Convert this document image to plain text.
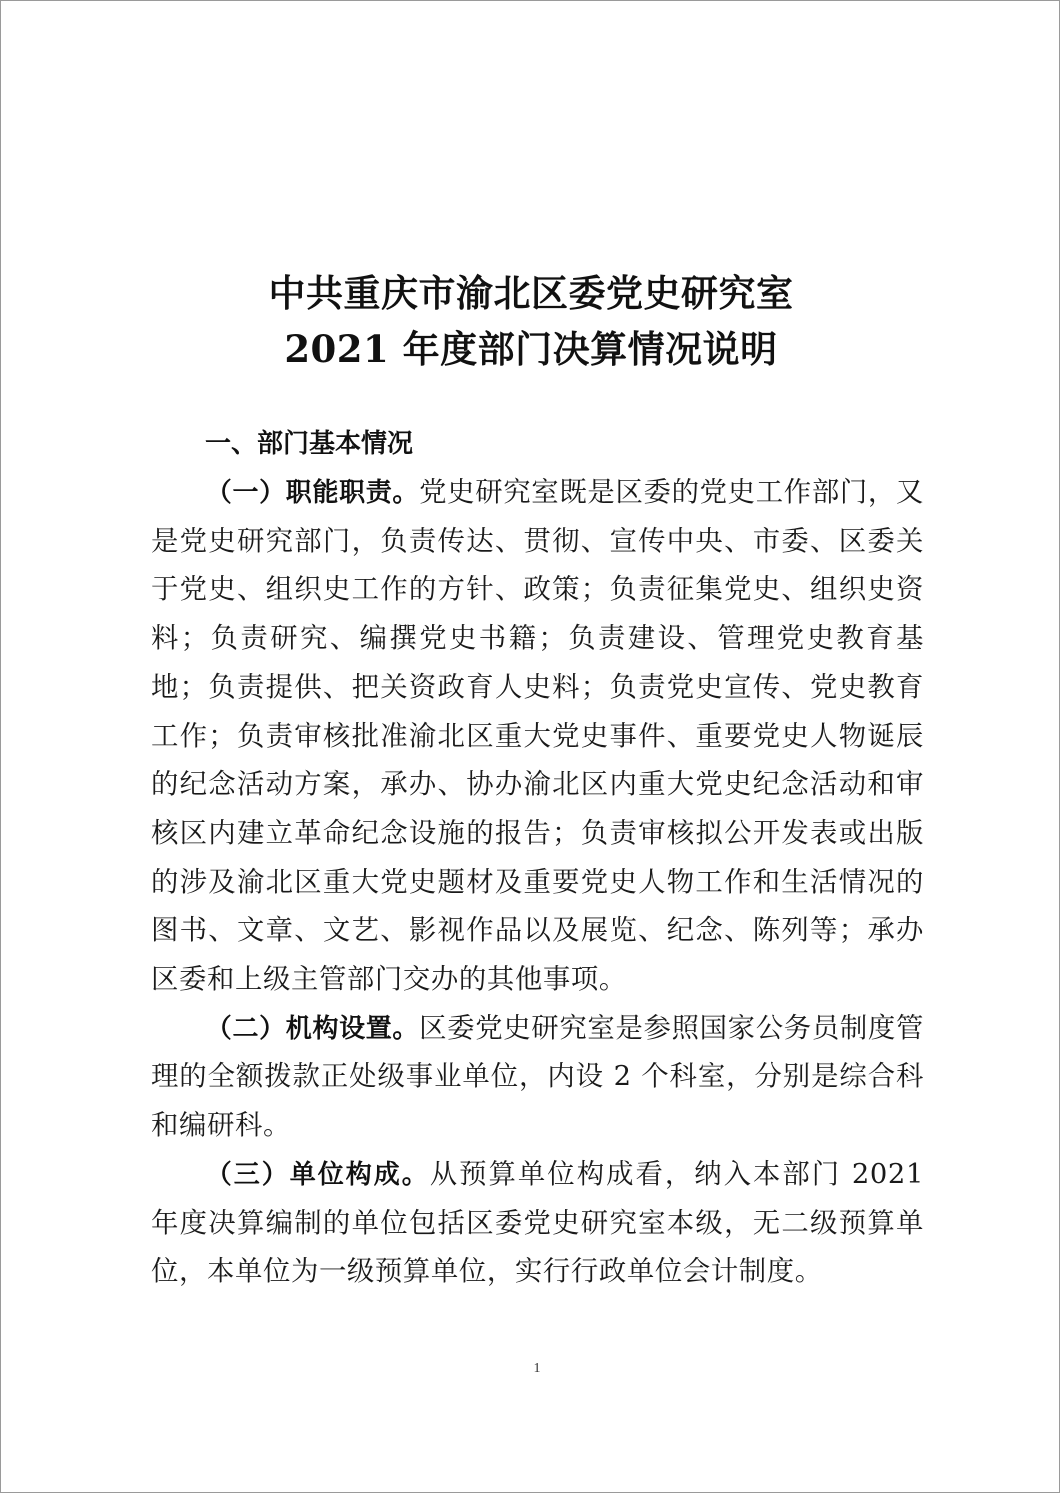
中共重庆市渝北区委党史研究室
2021 年度部门决算情况说明
一、部门基本情况

（一）职能职责。党史研究室既是区委的党史工作部门，又是党史研究部门，负责传达、贯彻、宣传中央、市委、区委关于党史、组织史工作的方针、政策；负责征集党史、组织史资料；负责研究、编撰党史书籍；负责建设、管理党史教育基地；负责提供、把关资政育人史料；负责党史宣传、党史教育工作；负责审核批准渝北区重大党史事件、重要党史人物诞辰的纪念活动方案，承办、协办渝北区内重大党史纪念活动和审核区内建立革命纪念设施的报告；负责审核拟公开发表或出版的涉及渝北区重大党史题材及重要党史人物工作和生活情况的图书、文章、文艺、影视作品以及展览、纪念、陈列等；承办区委和上级主管部门交办的其他事项。

（二）机构设置。区委党史研究室是参照国家公务员制度管理的全额拨款正处级事业单位，内设 2 个科室，分别是综合科和编研科。

（三）单位构成。从预算单位构成看，纳入本部门 2021 年度决算编制的单位包括区委党史研究室本级，无二级预算单位，本单位为一级预算单位，实行行政单位会计制度。

1
